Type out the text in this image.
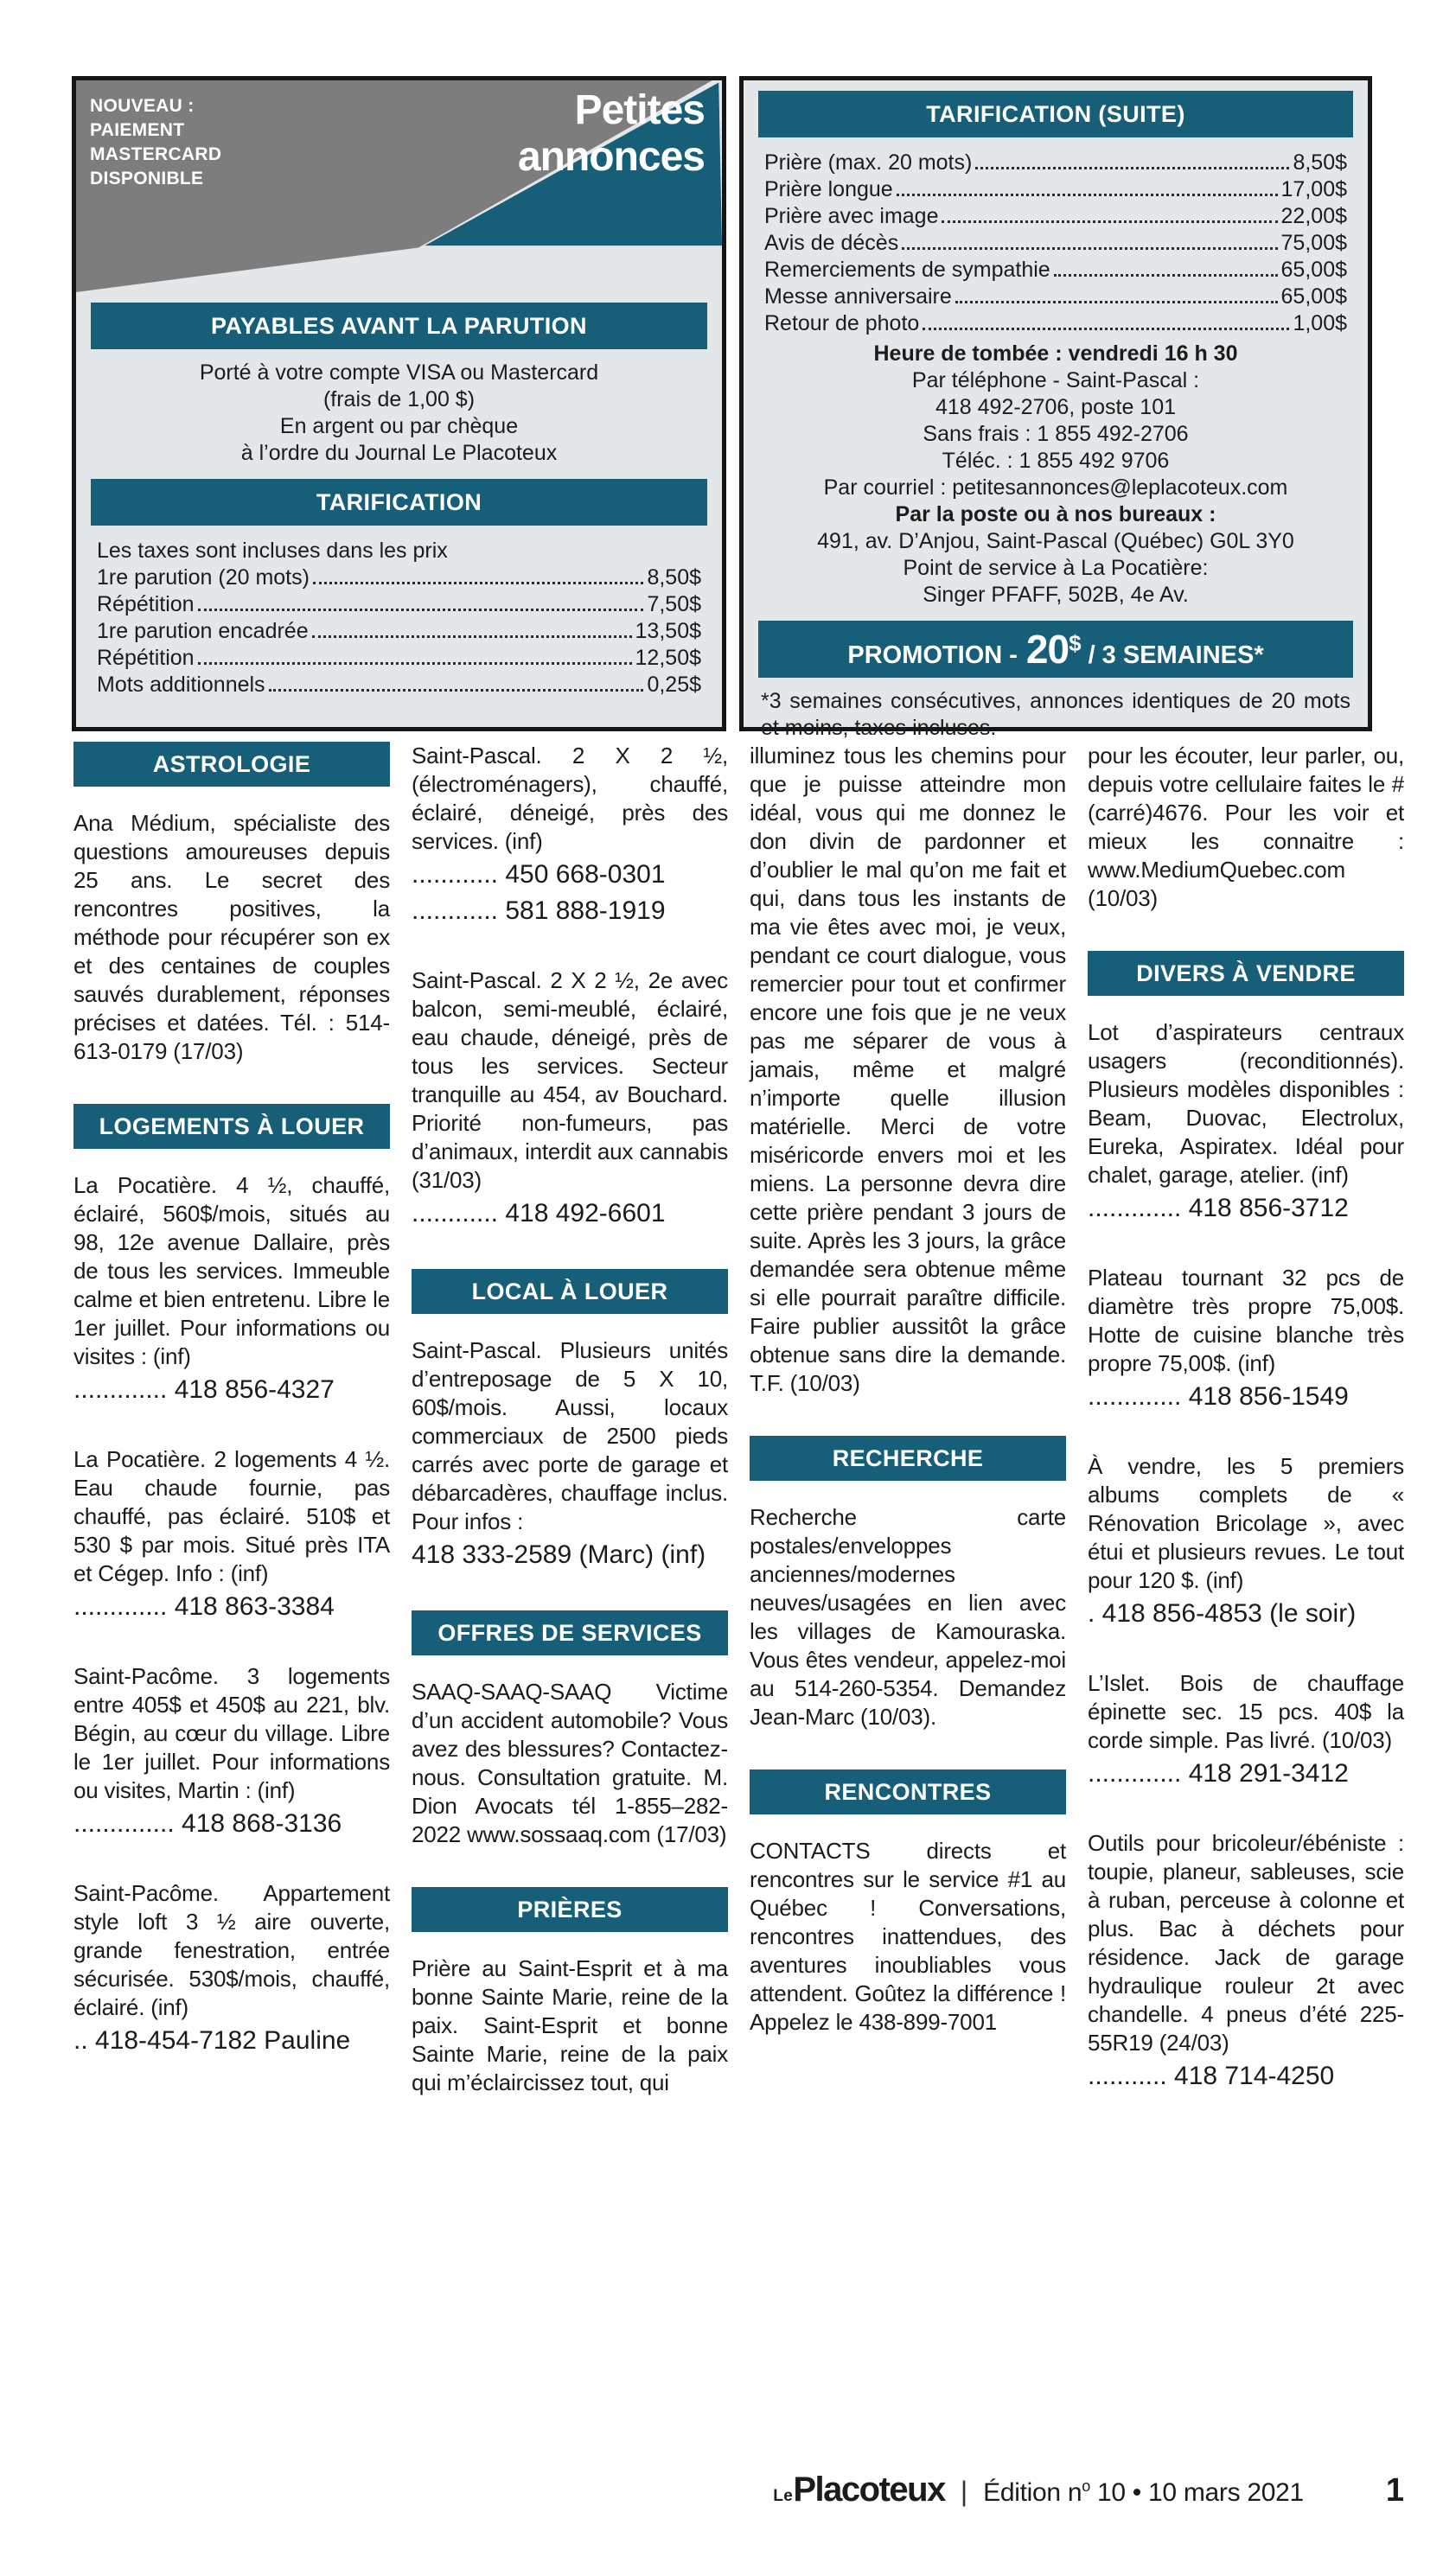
NOUVEAU :
PAIEMENT
MASTERCARD
DISPONIBLE
Petites
annonces
PAYABLES AVANT LA PARUTION
Porté à votre compte VISA ou Mastercard
(frais de 1,00 $)
En argent ou par chèque
à l’ordre du Journal Le Placoteux
TARIFICATION
Les taxes sont incluses dans les prix
1re parution (20 mots)	8,50$
Répétition	7,50$
1re parution encadrée	13,50$
Répétition	12,50$
Mots additionnels	0,25$
TARIFICATION (SUITE)
Prière (max. 20 mots)	8,50$
Prière longue	17,00$
Prière avec image	22,00$
Avis de décès	75,00$
Remerciements de sympathie	65,00$
Messe anniversaire	65,00$
Retour de photo	1,00$
Heure de tombée : vendredi 16 h 30
Par téléphone - Saint-Pascal :
418 492-2706, poste 101
Sans frais : 1 855 492-2706
Téléc. : 1 855 492 9706
Par courriel : petitesannonces@leplacoteux.com
Par la poste ou à nos bureaux :
491, av. D’Anjou, Saint-Pascal (Québec) G0L 3Y0
Point de service à La Pocatière:
Singer PFAFF, 502B, 4e Av.
PROMOTION - 20 $ / 3 SEMAINES*
*3 semaines consécutives, annonces identiques de 20 mots et moins, taxes incluses.
ASTROLOGIE

Ana Médium, spécialiste des questions amoureuses depuis 25 ans. Le secret des rencontres positives, la méthode pour récupérer son ex et des centaines de couples sauvés durablement, réponses précises et datées. Tél. : 514-613-0179 (17/03)

LOGEMENTS À LOUER

La Pocatière. 4 ½, chauffé, éclairé, 560$/mois, situés au 98, 12e avenue Dallaire, près de tous les services. Immeuble calme et bien entretenu. Libre le 1er juillet. Pour informations ou visites : (inf)

............. 418 856-4327

La Pocatière. 2 logements 4 ½. Eau chaude fournie, pas chauffé, pas éclairé. 510$ et 530 $ par mois. Situé près ITA et Cégep. Info : (inf)

............. 418 863-3384

Saint-Pacôme. 3 logements entre 405$ et 450$ au 221, blv. Bégin, au cœur du village. Libre le 1er juillet. Pour informations ou visites, Martin : (inf)

.............. 418 868-3136

Saint-Pacôme. Appartement style loft 3 ½ aire ouverte, grande fenestration, entrée sécurisée. 530$/mois, chauffé, éclairé. (inf)

.. 418-454-7182 Pauline

Saint-Pascal. 2 X 2 ½, (électroménagers), chauffé, éclairé, déneigé, près des services. (inf)

............ 450 668-0301
............ 581 888-1919

Saint-Pascal. 2 X 2 ½, 2e avec balcon, semi-meublé, éclairé, eau chaude, déneigé, près de tous les services. Secteur tranquille au 454, av Bouchard. Priorité non-fumeurs, pas d’animaux, interdit aux cannabis (31/03)

............ 418 492-6601
LOCAL À LOUER

Saint-Pascal. Plusieurs unités d’entreposage de 5 X 10, 60$/mois. Aussi, locaux commerciaux de 2500 pieds carrés avec porte de garage et débarcadères, chauffage inclus. Pour infos :

418 333-2589 (Marc) (inf)
OFFRES DE SERVICES

SAAQ-SAAQ-SAAQ Victime d’un accident automobile? Vous avez des blessures? Contactez-nous. Consultation gratuite. M. Dion Avocats tél 1-855–282-2022 www.sossaaq.com (17/03)

PRIÈRES

Prière au Saint-Esprit et à ma bonne Sainte Marie, reine de la paix. Saint-Esprit et bonne Sainte Marie, reine de la paix qui m’éclaircissez tout, qui

illuminez tous les chemins pour que je puisse atteindre mon idéal, vous qui me donnez le don divin de pardonner et d’oublier le mal qu’on me fait et qui, dans tous les instants de ma vie êtes avec moi, je veux, pendant ce court dialogue, vous remercier pour tout et confirmer encore une fois que je ne veux pas me séparer de vous à jamais, même et malgré n’importe quelle illusion matérielle. Merci de votre miséricorde envers moi et les miens. La personne devra dire cette prière pendant 3 jours de suite. Après les 3 jours, la grâce demandée sera obtenue même si elle pourrait paraître difficile. Faire publier aussitôt la grâce obtenue sans dire la demande. T.F. (10/03)

RECHERCHE

Recherche carte postales/enveloppes anciennes/modernes neuves/usagées en lien avec les villages de Kamouraska. Vous êtes vendeur, appelez-moi au 514-260-5354. Demandez Jean-Marc (10/03).

RENCONTRES

CONTACTS directs et rencontres sur le service #1 au Québec ! Conversations, rencontres inattendues, des aventures inoubliables vous attendent. Goûtez la différence ! Appelez le 438-899-7001

pour les écouter, leur parler, ou, depuis votre cellulaire faites le #(carré)4676. Pour les voir et mieux les connaitre : www.MediumQuebec.com (10/03)

DIVERS À VENDRE

Lot d’aspirateurs centraux usagers (reconditionnés). Plusieurs modèles disponibles : Beam, Duovac, Electrolux, Eureka, Aspiratex. Idéal pour chalet, garage, atelier. (inf)

............. 418 856-3712

Plateau tournant 32 pcs de diamètre très propre 75,00$. Hotte de cuisine blanche très propre 75,00$. (inf)

............. 418 856-1549

À vendre, les 5 premiers albums complets de « Rénovation Bricolage », avec étui et plusieurs revues. Le tout pour 120 $. (inf)

. 418 856-4853 (le soir)

L’Islet. Bois de chauffage épinette sec. 15 pcs. 40$ la corde simple. Pas livré. (10/03)

............. 418 291-3412

Outils pour bricoleur/ébéniste : toupie, planeur, sableuses, scie à ruban, perceuse à colonne et plus. Bac à déchets pour résidence. Jack de garage hydraulique rouleur 2t avec chandelle. 4 pneus d’été 225-55R19 (24/03)

........... 418 714-4250
Le Placoteux | Édition $n^o$ 10 • 10 mars 2021	1
